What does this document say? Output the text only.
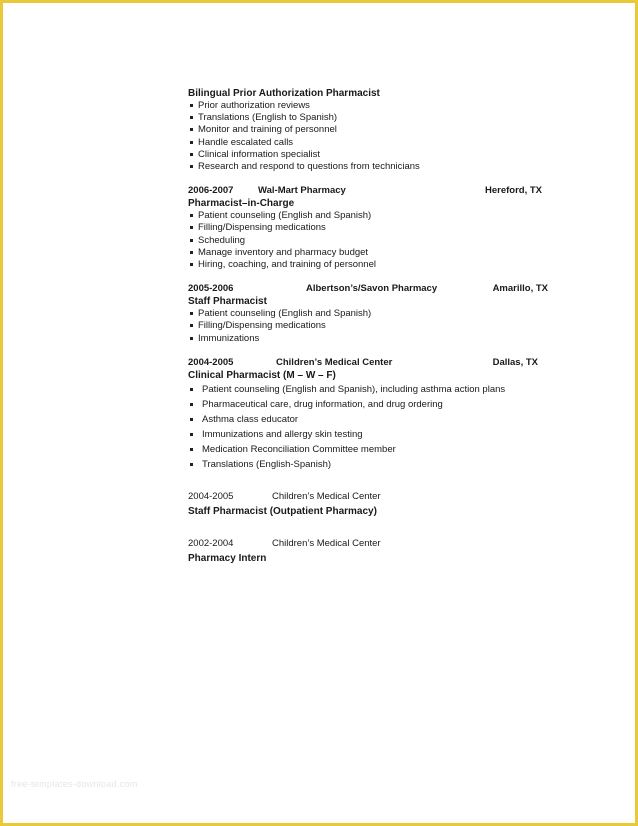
Bilingual Prior Authorization Pharmacist

Prior authorization reviews
Translations (English to Spanish)
Monitor and training of personnel
Handle escalated calls
Clinical information specialist
Research and respond to questions from technicians
2006-2007	Wal-Mart Pharmacy	Hereford, TX

Pharmacist–in-Charge

Patient counseling (English and Spanish)
Filling/Dispensing medications
Scheduling
Manage inventory and pharmacy budget
Hiring, coaching, and training of personnel
2005-2006	Albertson’s/Savon Pharmacy	Amarillo, TX

Staff Pharmacist

Patient counseling (English and Spanish)
Filling/Dispensing medications
Immunizations
2004-2005	Children’s Medical Center	Dallas, TX

Clinical Pharmacist (M – W – F)

Patient counseling (English and Spanish), including asthma action plans
Pharmaceutical care, drug information, and drug ordering
Asthma class educator
Immunizations and allergy skin testing
Medication Reconciliation Committee member
Translations (English-Spanish)
2004-2005	Children’s Medical Center

Staff Pharmacist (Outpatient Pharmacy)

2002-2004	Children’s Medical Center

Pharmacy Intern

free-templates-download.com
